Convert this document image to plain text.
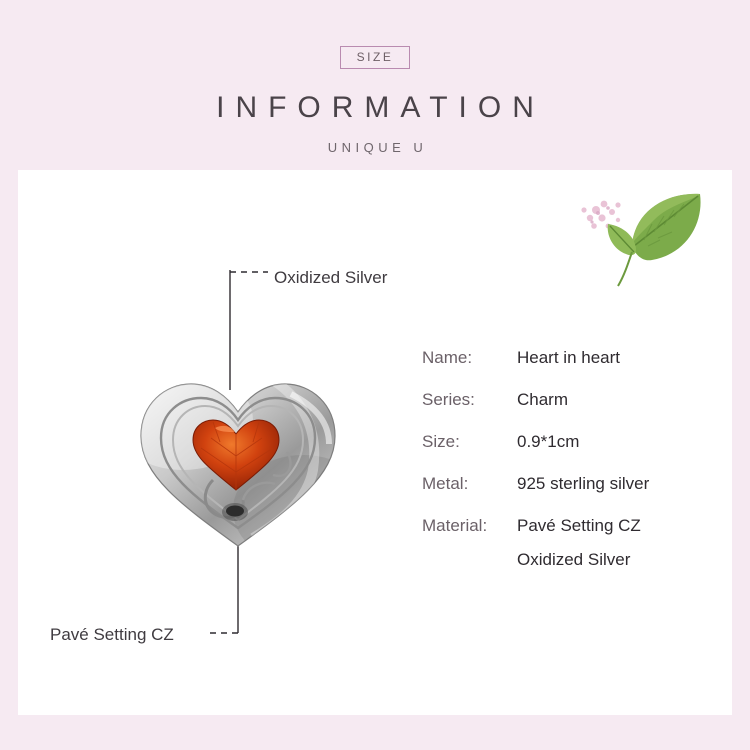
SIZE
INFORMATION
UNIQUE U
Oxidized Silver
Pavé Setting CZ
Name:	Heart in heart
Series:	Charm
Size:	0.9*1cm
Metal:	925 sterling silver
Material:	Pavé Setting CZ
Oxidized Silver
